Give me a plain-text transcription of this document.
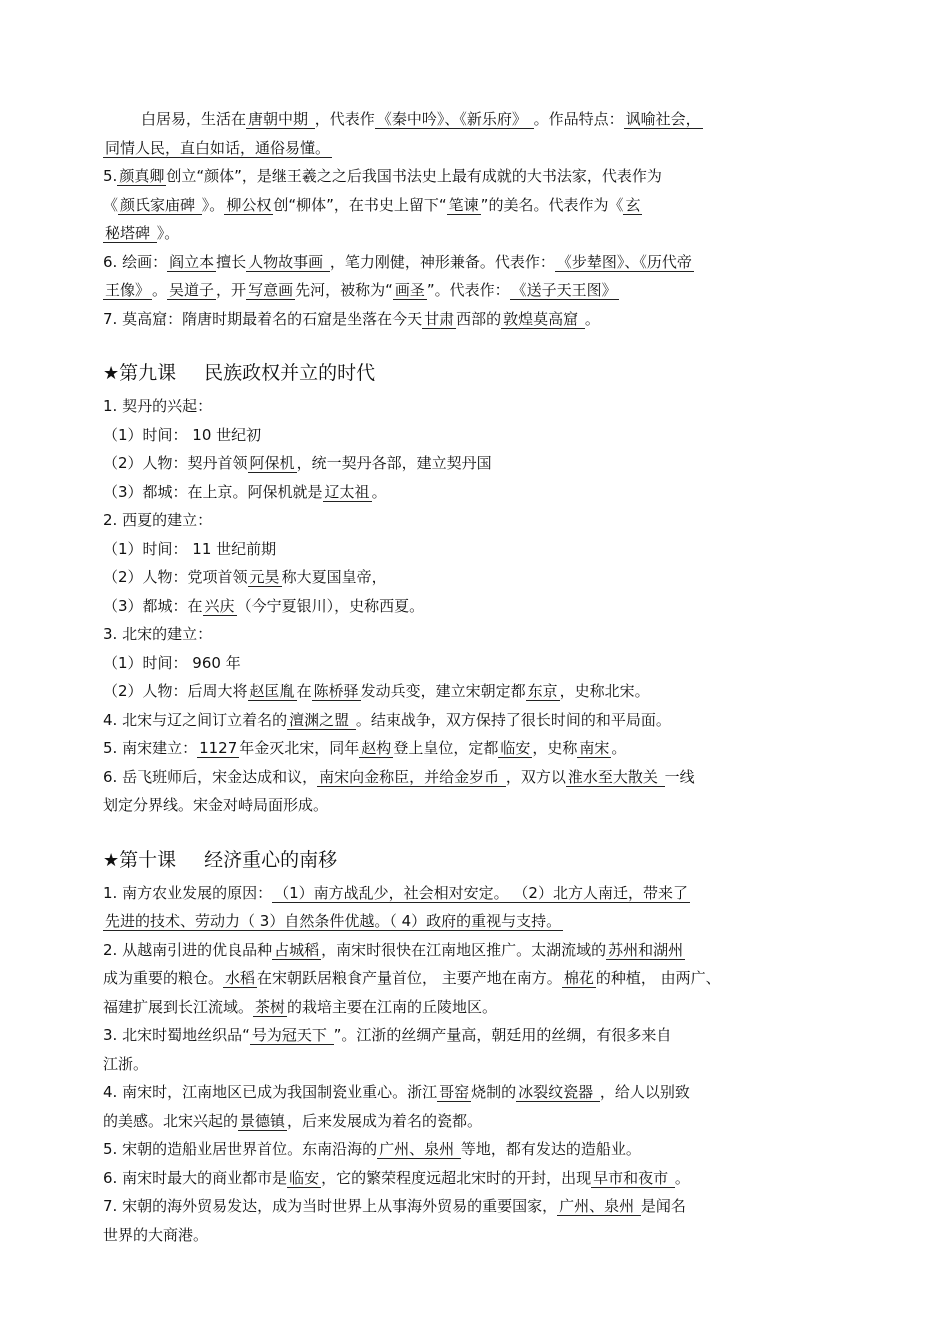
白居易，生活在唐朝中期 ，代表作《秦中吟》、《新乐府》 。作品特点：讽喻社会，
同情人民，直白如话，通俗易懂。
5.颜真卿 创立“颜体”，是继王羲之之后我国书法史上最有成就的大书法家，代表作为
《颜氏家庙碑 》。 柳公权 创“柳体”，在书史上留下“笔谏 ”的美名。代表作为《玄
秘塔碑 》。
6. 绘画： 阎立本 擅长 人物故事画 ，笔力刚健，神形兼备。代表作：《步辇图》、《历代帝
王像》 。 吴道子 ，开 写意画 先河，被称为“画圣 ”。代表作：《送子天王图》
7. 莫高窟：隋唐时期最着名的石窟是坐落在今天甘肃 西部的敦煌莫高窟 。
★第九课 民族政权并立的时代
1. 契丹的兴起：
（1）时间： 10 世纪初
（2）人物：契丹首领阿保机 ，统一契丹各部，建立契丹国
（3）都城：在上京。阿保机就是辽太祖 。
2. 西夏的建立：
（1）时间： 11 世纪前期
（2）人物：党项首领元昊 称大夏国皇帝，
（3）都城：在兴庆 （今宁夏银川），史称西夏。
3. 北宋的建立：
（1）时间： 960 年
（2）人物：后周大将赵匡胤 在 陈桥驿 发动兵变，建立宋朝定都东京 ，史称北宋。
4. 北宋与辽之间订立着名的澶渊之盟 。结束战争，双方保持了很长时间的和平局面。
5. 南宋建立：1127 年金灭北宋，同年赵构 登上皇位，定都临安 ，史称南宋 。
6. 岳飞班师后，宋金达成和议，南宋向金称臣，并给金岁币 ，双方以淮水至大散关 一线
划定分界线。宋金对峙局面形成。
★第十课 经济重心的南移
1. 南方农业发展的原因：（1）南方战乱少，社会相对安定。 （2）北方人南迁，带来了
先进的技术、劳动力（ 3）自然条件优越。（ 4）政府的重视与支持。
2. 从越南引进的优良品种占城稻 ，南宋时很快在江南地区推广。太湖流域的苏州和湖州
成为重要的粮仓。水稻 在宋朝跃居粮食产量首位， 主要产地在南方。棉花 的种植， 由两广、
福建扩展到长江流域。茶树 的栽培主要在江南的丘陵地区。
3. 北宋时蜀地丝织品“号为冠天下 ”。江浙的丝绸产量高，朝廷用的丝绸，有很多来自
江浙。
4. 南宋时，江南地区已成为我国制瓷业重心。浙江哥窑 烧制的冰裂纹瓷器 ，给人以别致
的美感。北宋兴起的景德镇 ，后来发展成为着名的瓷都。
5. 宋朝的造船业居世界首位。东南沿海的广州、泉州 等地，都有发达的造船业。
6. 南宋时最大的商业都市是临安 ，它的繁荣程度远超北宋时的开封，出现早市和夜市 。
7. 宋朝的海外贸易发达，成为当时世界上从事海外贸易的重要国家，广州、泉州 是闻名
世界的大商港。
